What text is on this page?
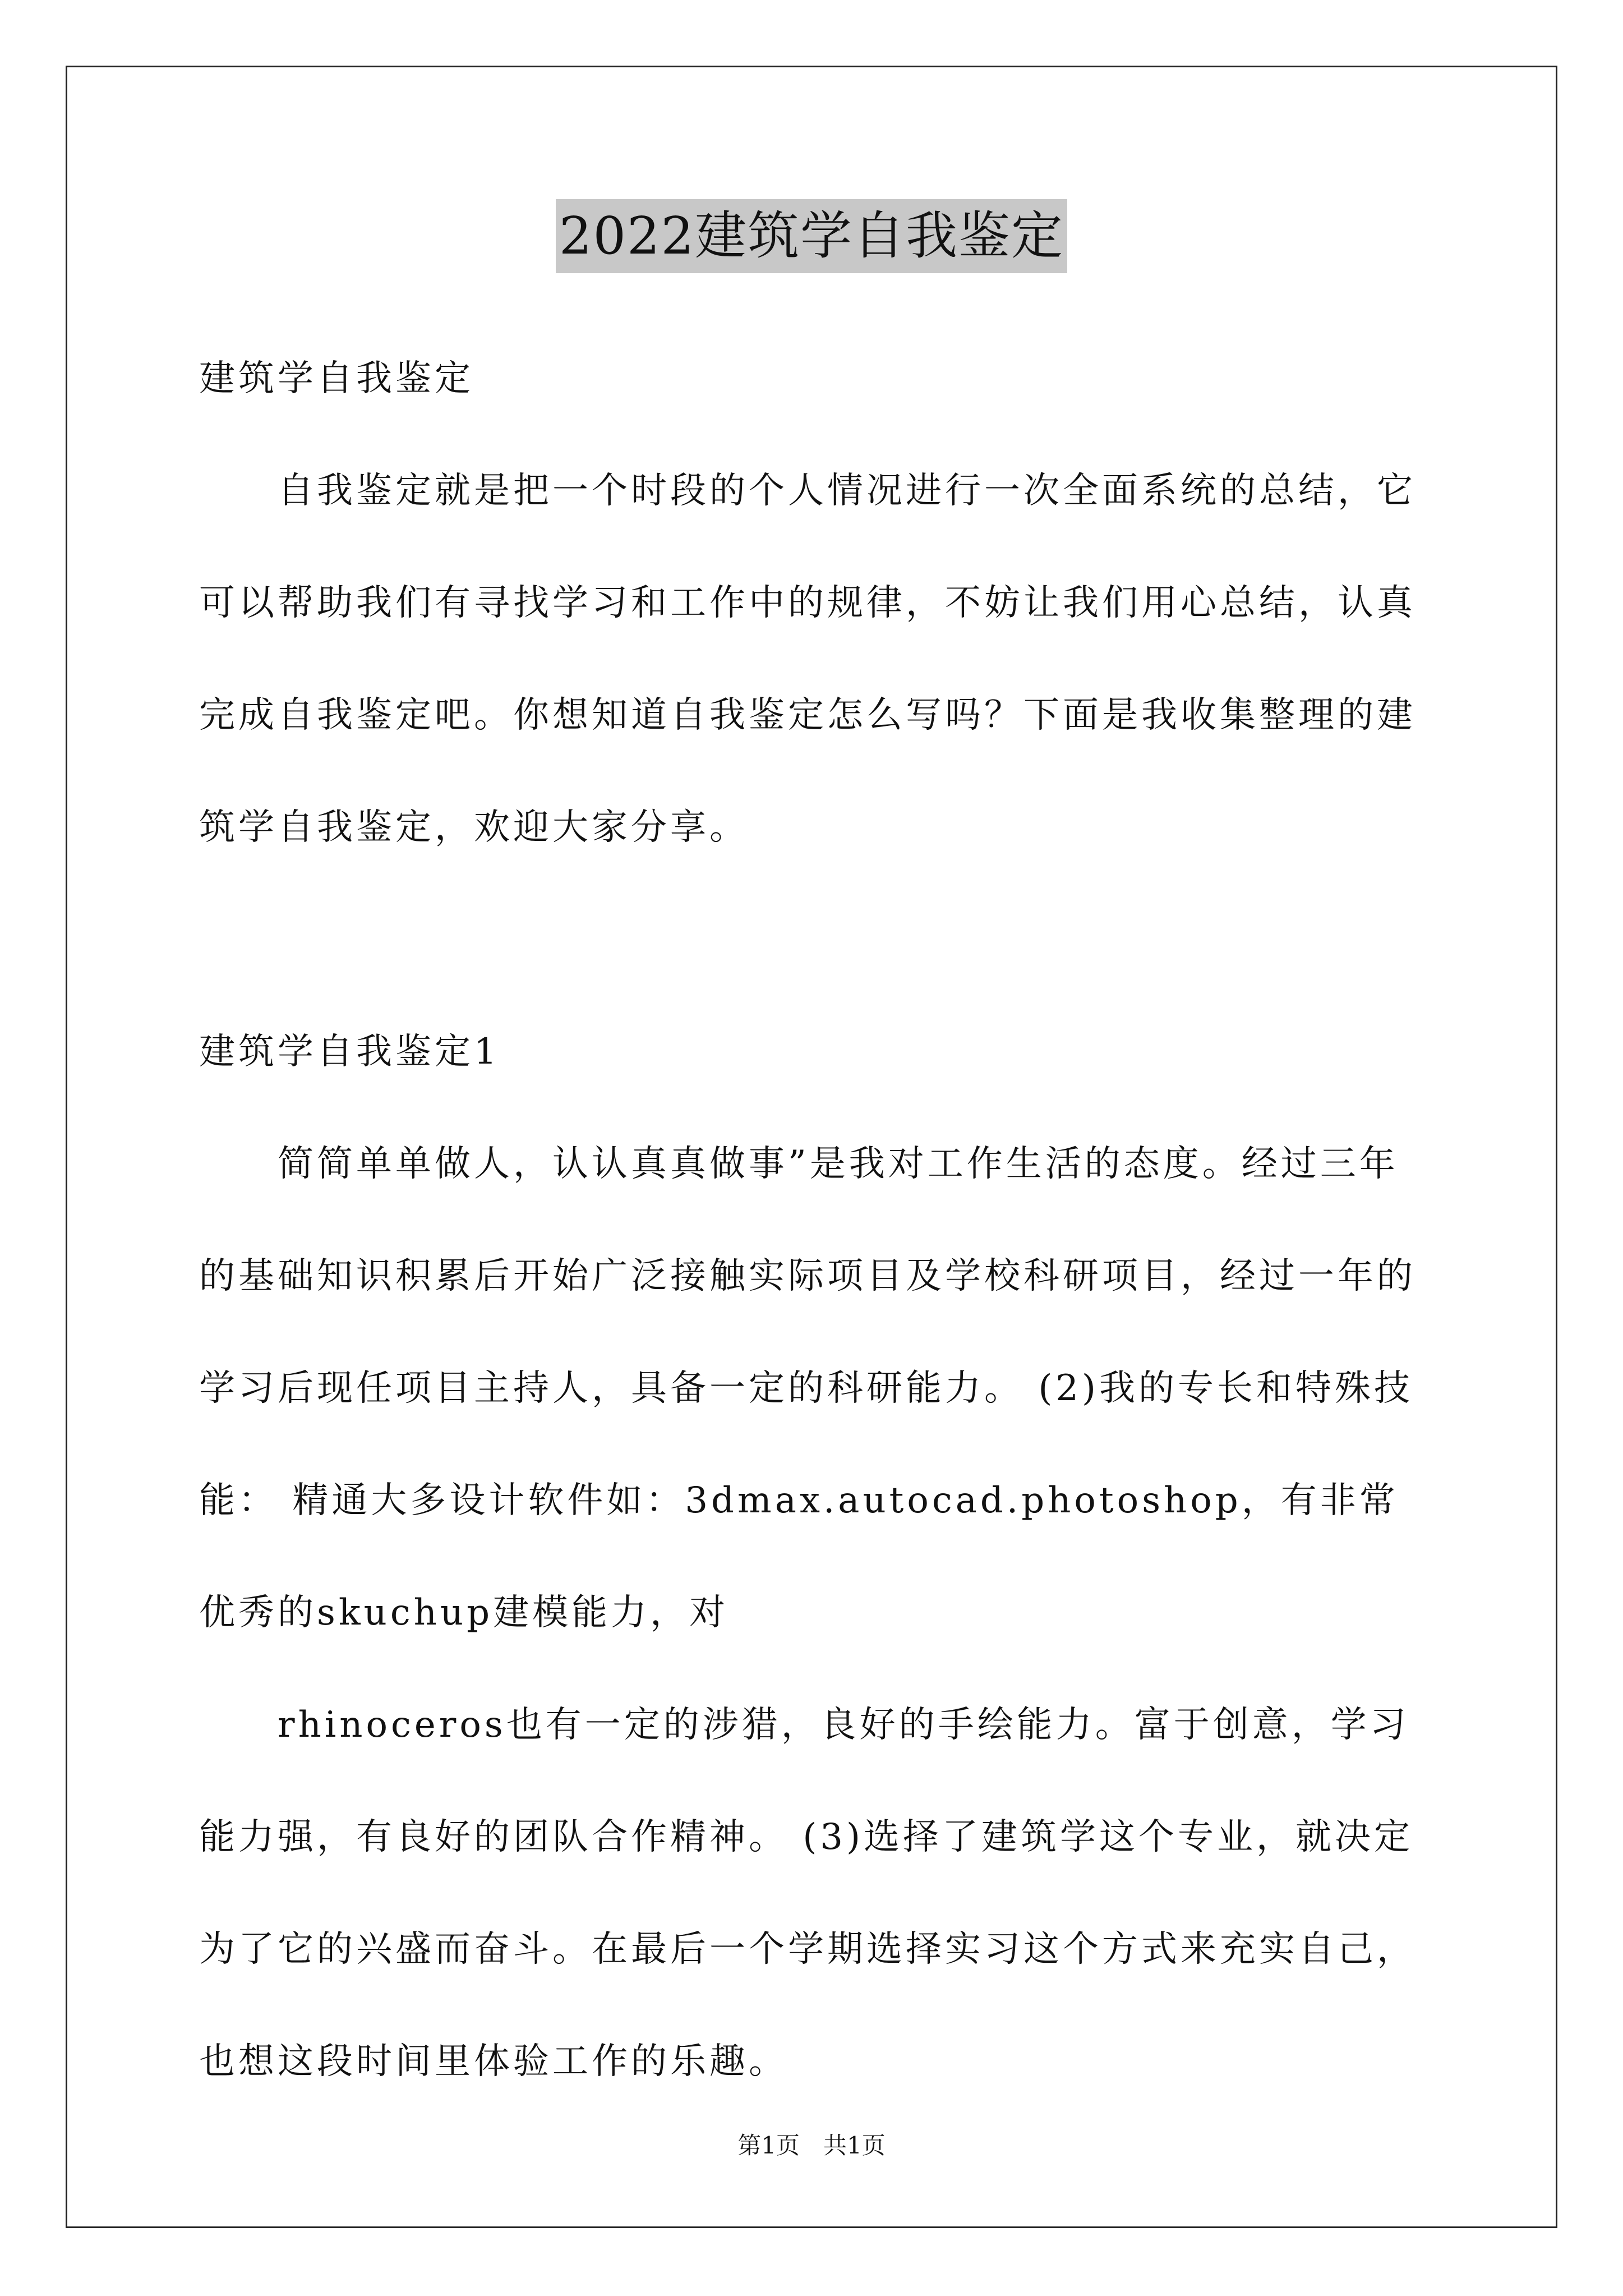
2022建筑学自我鉴定

建筑学自我鉴定

自我鉴定就是把一个时段的个人情况进行一次全面系统的总结，它可以帮助我们有寻找学习和工作中的规律，不妨让我们用心总结，认真完成自我鉴定吧。你想知道自我鉴定怎么写吗？下面是我收集整理的建筑学自我鉴定，欢迎大家分享。

建筑学自我鉴定1

简简单单做人，认认真真做事”是我对工作生活的态度。经过三年的基础知识积累后开始广泛接触实际项目及学校科研项目，经过一年的学习后现任项目主持人，具备一定的科研能力。 (2)我的专长和特殊技能： 精通大多设计软件如：3dmax.autocad.photoshop，有非常优秀的skuchup建模能力，对

rhinoceros也有一定的涉猎，良好的手绘能力。富于创意，学习能力强，有良好的团队合作精神。 (3)选择了建筑学这个专业，就决定为了它的兴盛而奋斗。在最后一个学期选择实习这个方式来充实自己，也想这段时间里体验工作的乐趣。

第1页　共1页
